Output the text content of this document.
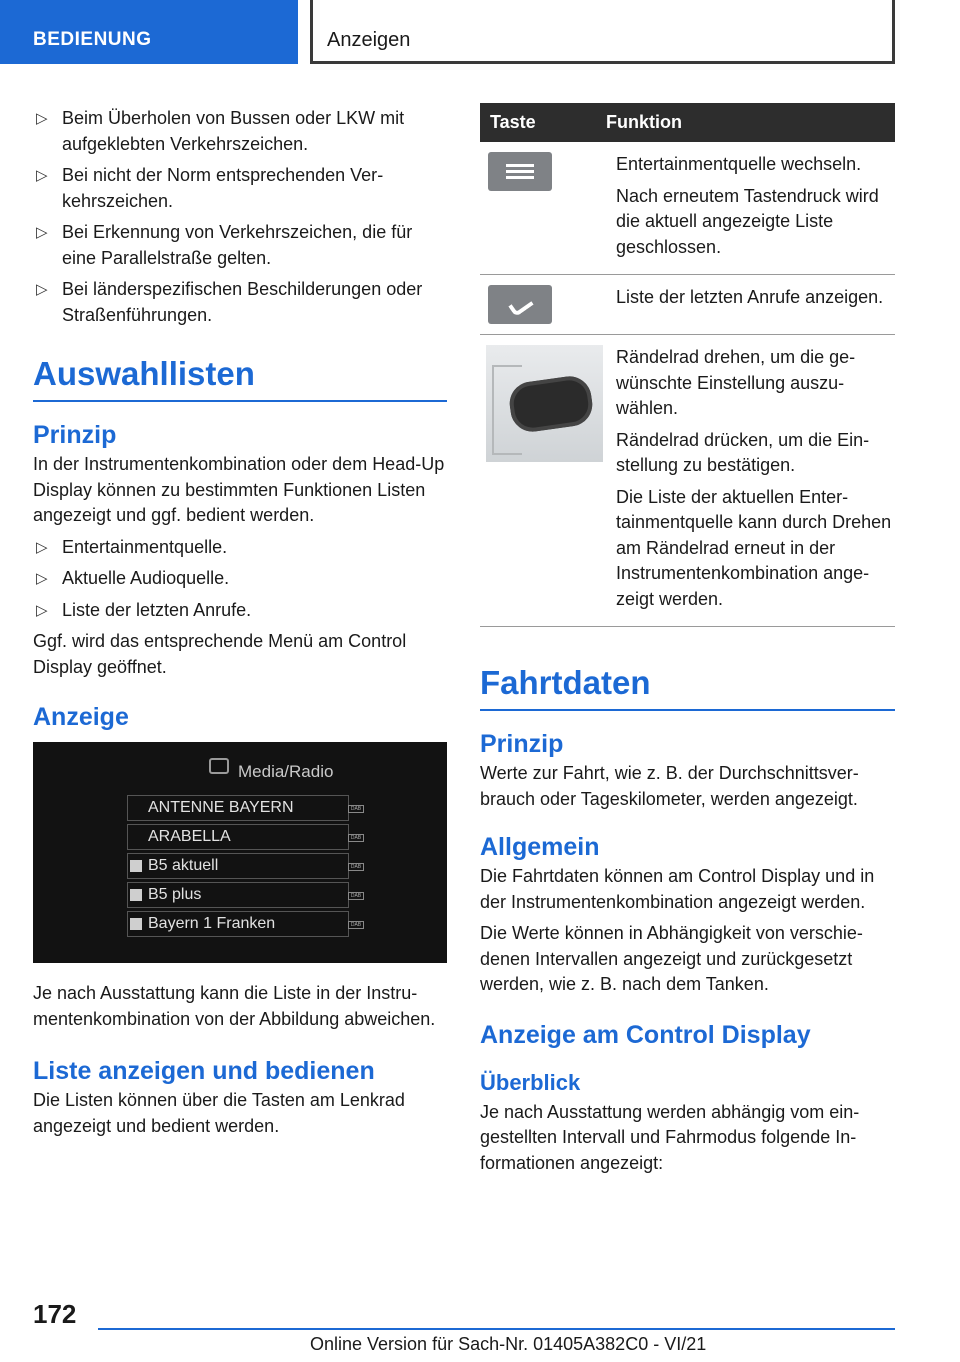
BEDIENUNG	Anzeigen
▷ Beim Überholen von Bussen oder LKW mit aufgeklebten Verkehrszeichen.
▷ Bei nicht der Norm entsprechenden Verkehrszeichen.
▷ Bei Erkennung von Verkehrszeichen, die für eine Parallelstraße gelten.
▷ Bei länderspezifischen Beschilderungen oder Straßenführungen.
Auswahllisten
Prinzip

In der Instrumentenkombination oder dem Head-Up Display können zu bestimmten Funktionen Listen angezeigt und ggf. bedient werden.

▷ Entertainmentquelle.
▷ Aktuelle Audioquelle.
▷ Liste der letzten Anrufe.

Ggf. wird das entsprechende Menü am Control Display geöffnet.

Anzeige
Media/Radio
ANTENNE BAYERN	DAB
ARABELLA	DAB
B5 aktuell	DAB
B5 plus	DAB
Bayern 1 Franken	DAB

Je nach Ausstattung kann die Liste in der Instrumentenkombination von der Abbildung abweichen.

Liste anzeigen und bedienen

Die Listen können über die Tasten am Lenkrad angezeigt und bedient werden.

Taste	Funktion

	Entertainmentquelle wechseln.

Nach erneutem Tastendruck wird die aktuell angezeigte Liste geschlossen.

	Liste der letzten Anrufe anzeigen.

	Rändelrad drehen, um die gewünschte Einstellung auszuwählen.

Rändelrad drücken, um die Einstellung zu bestätigen.

Die Liste der aktuellen Entertainmentquelle kann durch Drehen am Rändelrad erneut in der Instrumentenkombination angezeigt werden.

Fahrtdaten
Prinzip

Werte zur Fahrt, wie z. B. der Durchschnittsverbrauch oder Tageskilometer, werden angezeigt.

Allgemein

Die Fahrtdaten können am Control Display und in der Instrumentenkombination angezeigt werden.

Die Werte können in Abhängigkeit von verschiedenen Intervallen angezeigt und zurückgesetzt werden, wie z. B. nach dem Tanken.

Anzeige am Control Display
Überblick

Je nach Ausstattung werden abhängig vom eingestellten Intervall und Fahrmodus folgende Informationen angezeigt:

172
Online Version für Sach-Nr. 01405A382C0 - VI/21
